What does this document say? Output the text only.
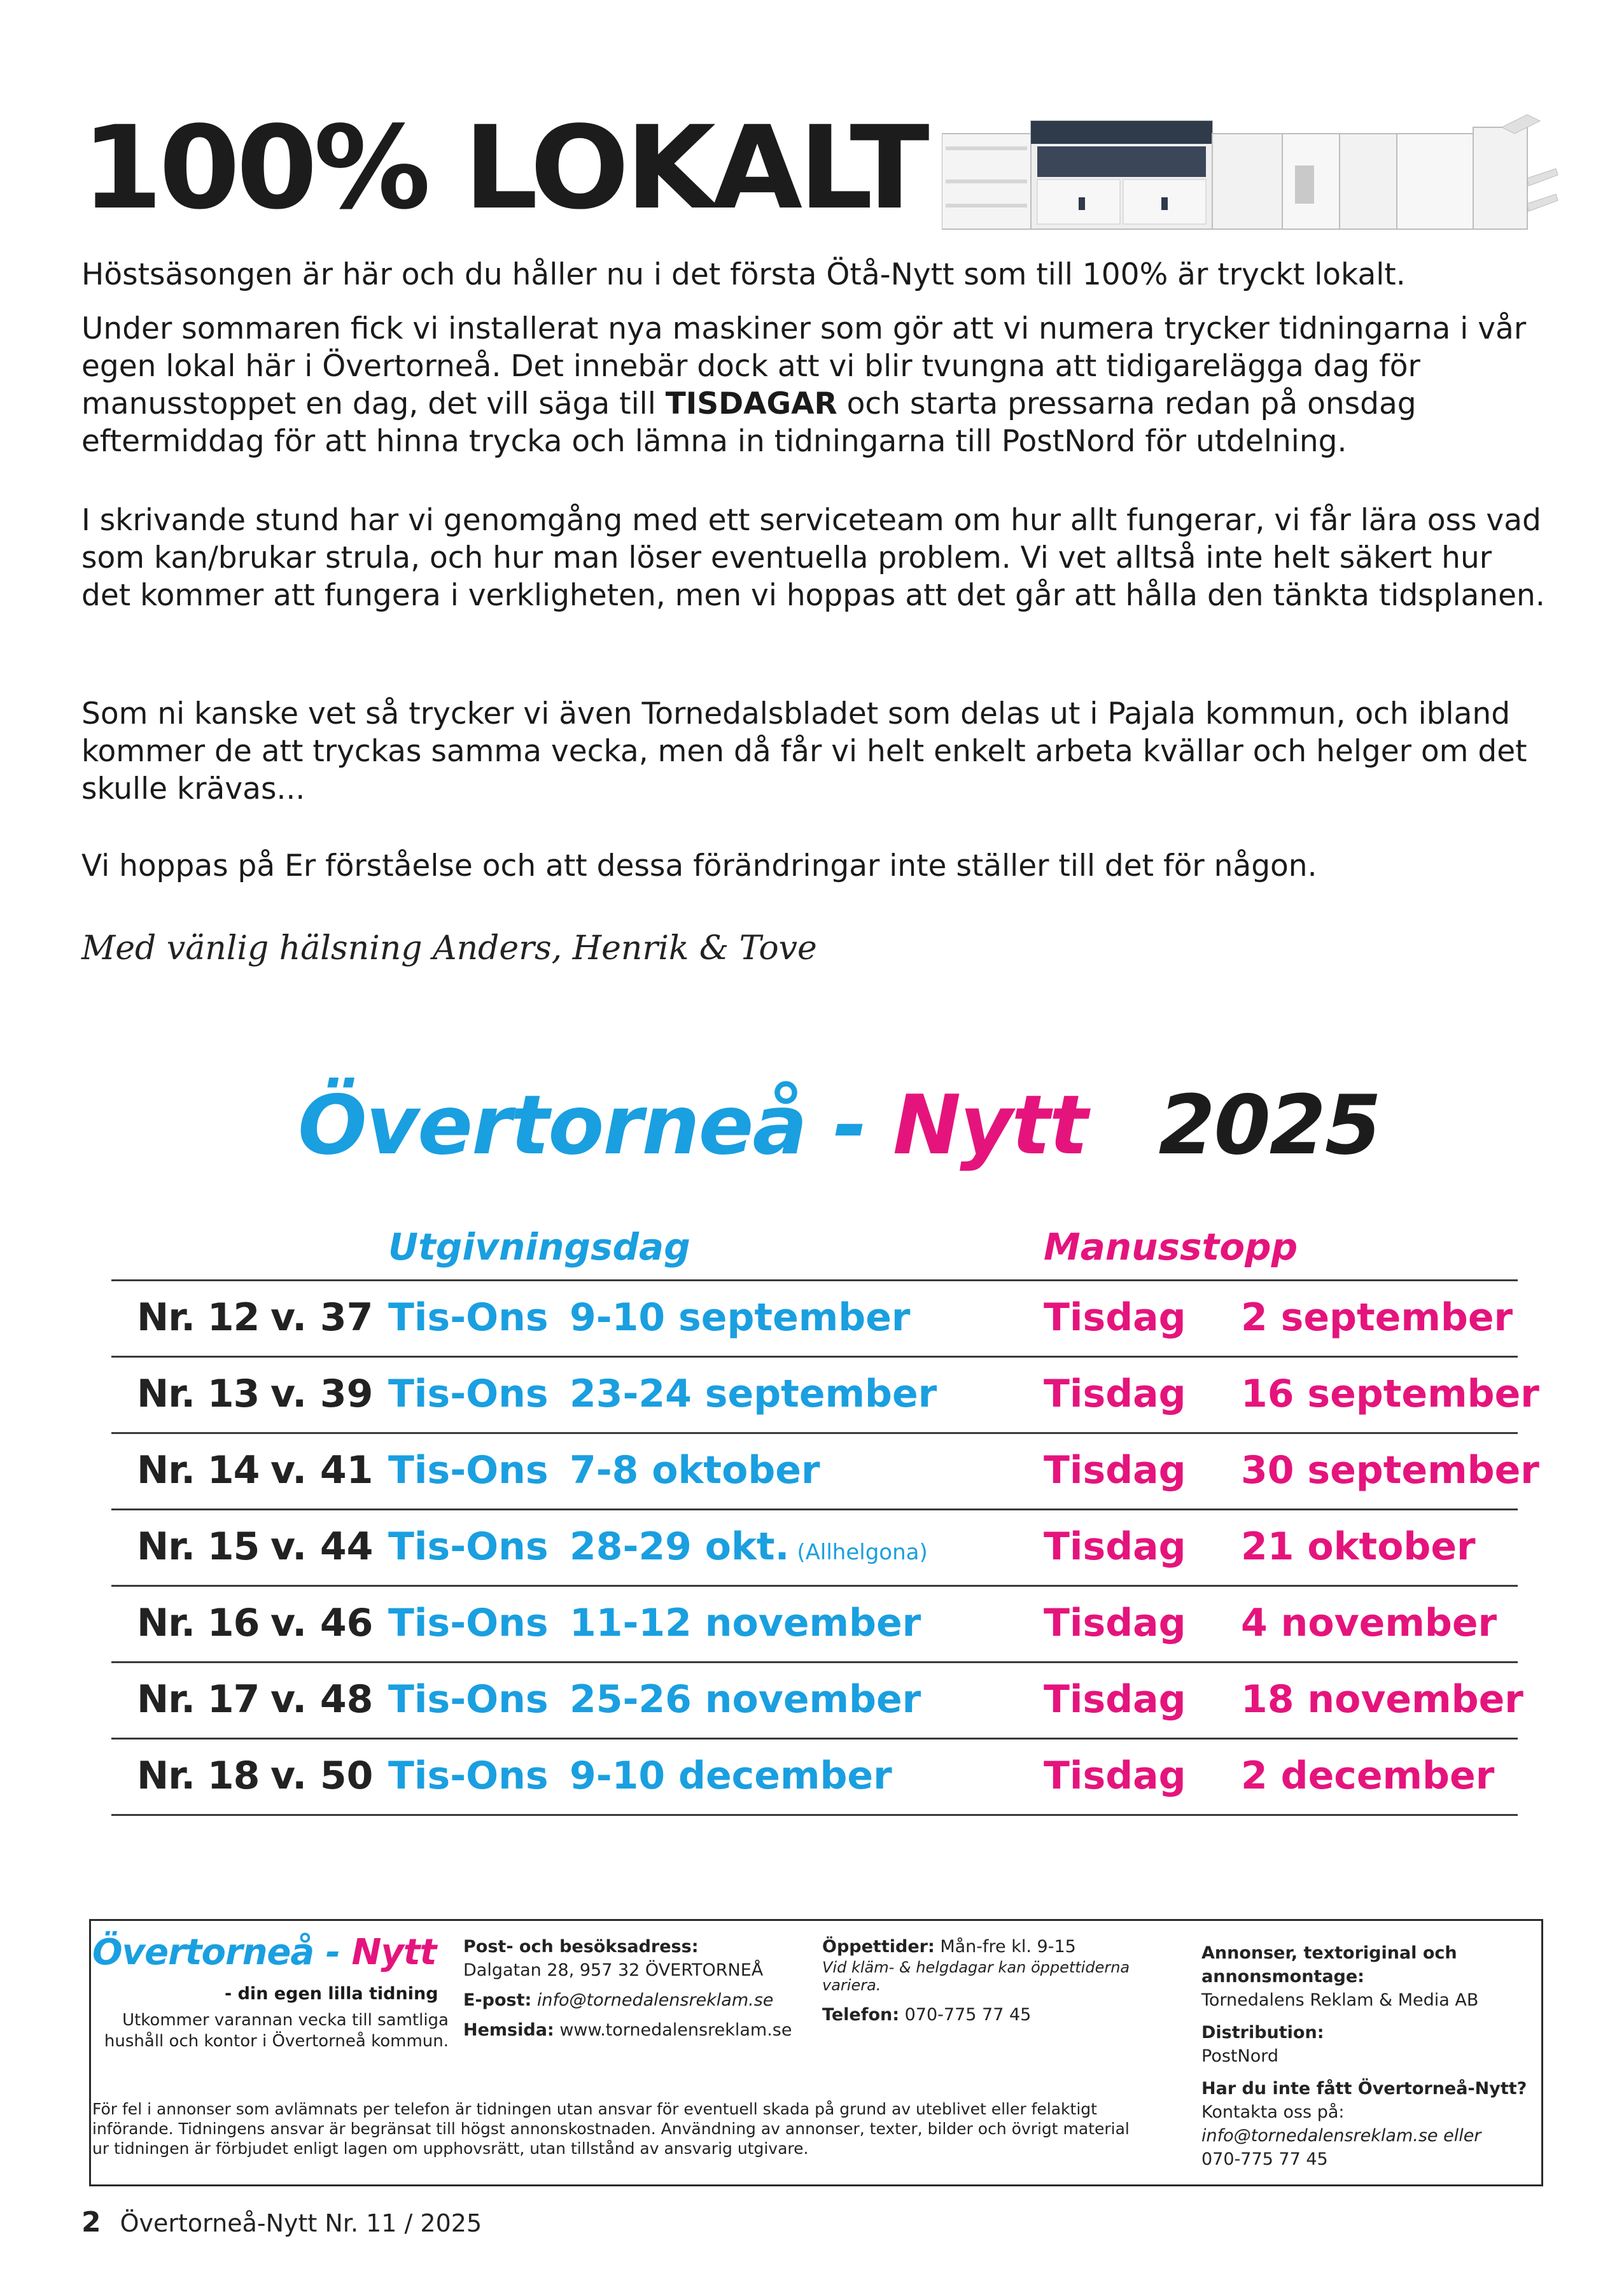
100% LOKALT

Höstsäsongen är här och du håller nu i det första Ötå-Nytt som till 100% är tryckt lokalt.

Under sommaren fick vi installerat nya maskiner som gör att vi numera trycker tidningarna i vår egen lokal här i Övertorneå. Det innebär dock att vi blir tvungna att tidigarelägga dag för manusstoppet en dag, det vill säga till TISDAGAR och starta pressarna redan på onsdag eftermiddag för att hinna trycka och lämna in tidningarna till PostNord för utdelning.

I skrivande stund har vi genomgång med ett serviceteam om hur allt fungerar, vi får lära oss vad som kan/brukar strula, och hur man löser eventuella problem. Vi vet alltså inte helt säkert hur det kommer att fungera i verkligheten, men vi hoppas att det går att hålla den tänkta tidsplanen.

Som ni kanske vet så trycker vi även Tornedalsbladet som delas ut i Pajala kommun, och ibland kommer de att tryckas samma vecka, men då får vi helt enkelt arbeta kvällar och helger om det skulle krävas...

Vi hoppas på Er förståelse och att dessa förändringar inte ställer till det för någon.

Med vänlig hälsning Anders, Henrik & Tove
Övertorneå - Nytt 2025
Utgivningsdag	Manusstopp
Nr. 12 v. 37 Tis-Ons 9-10 september	Tisdag 2 september
Nr. 13 v. 39 Tis-Ons 23-24 september	Tisdag 16 september
Nr. 14 v. 41 Tis-Ons 7-8 oktober	Tisdag 30 september
Nr. 15 v. 44 Tis-Ons 28-29 okt. (Allhelgona)	Tisdag 21 oktober
Nr. 16 v. 46 Tis-Ons 11-12 november	Tisdag 4 november
Nr. 17 v. 48 Tis-Ons 25-26 november	Tisdag 18 november
Nr. 18 v. 50 Tis-Ons 9-10 december	Tisdag 2 december
Övertorneå - Nytt
- din egen lilla tidning
Utkommer varannan vecka till samtliga hushåll och kontor i Övertorneå kommun.
Post- och besöksadress:
Dalgatan 28, 957 32 ÖVERTORNEÅ
E-post: info@tornedalensreklam.se
Hemsida: www.tornedalensreklam.se
Öppettider: Mån-fre kl. 9-15
Vid kläm- & helgdagar kan öppettiderna variera.
Telefon: 070-775 77 45
Annonser, textoriginal och annonsmontage:
Tornedalens Reklam & Media AB
Distribution:
PostNord
Har du inte fått Övertorneå-Nytt?
Kontakta oss på:
info@tornedalensreklam.se eller
070-775 77 45
För fel i annonser som avlämnats per telefon är tidningen utan ansvar för eventuell skada på grund av uteblivet eller felaktigt införande. Tidningens ansvar är begränsat till högst annonskostnaden. Användning av annonser, texter, bilder och övrigt material ur tidningen är förbjudet enligt lagen om upphovsrätt, utan tillstånd av ansvarig utgivare.
2 Övertorneå-Nytt Nr. 11 / 2025
